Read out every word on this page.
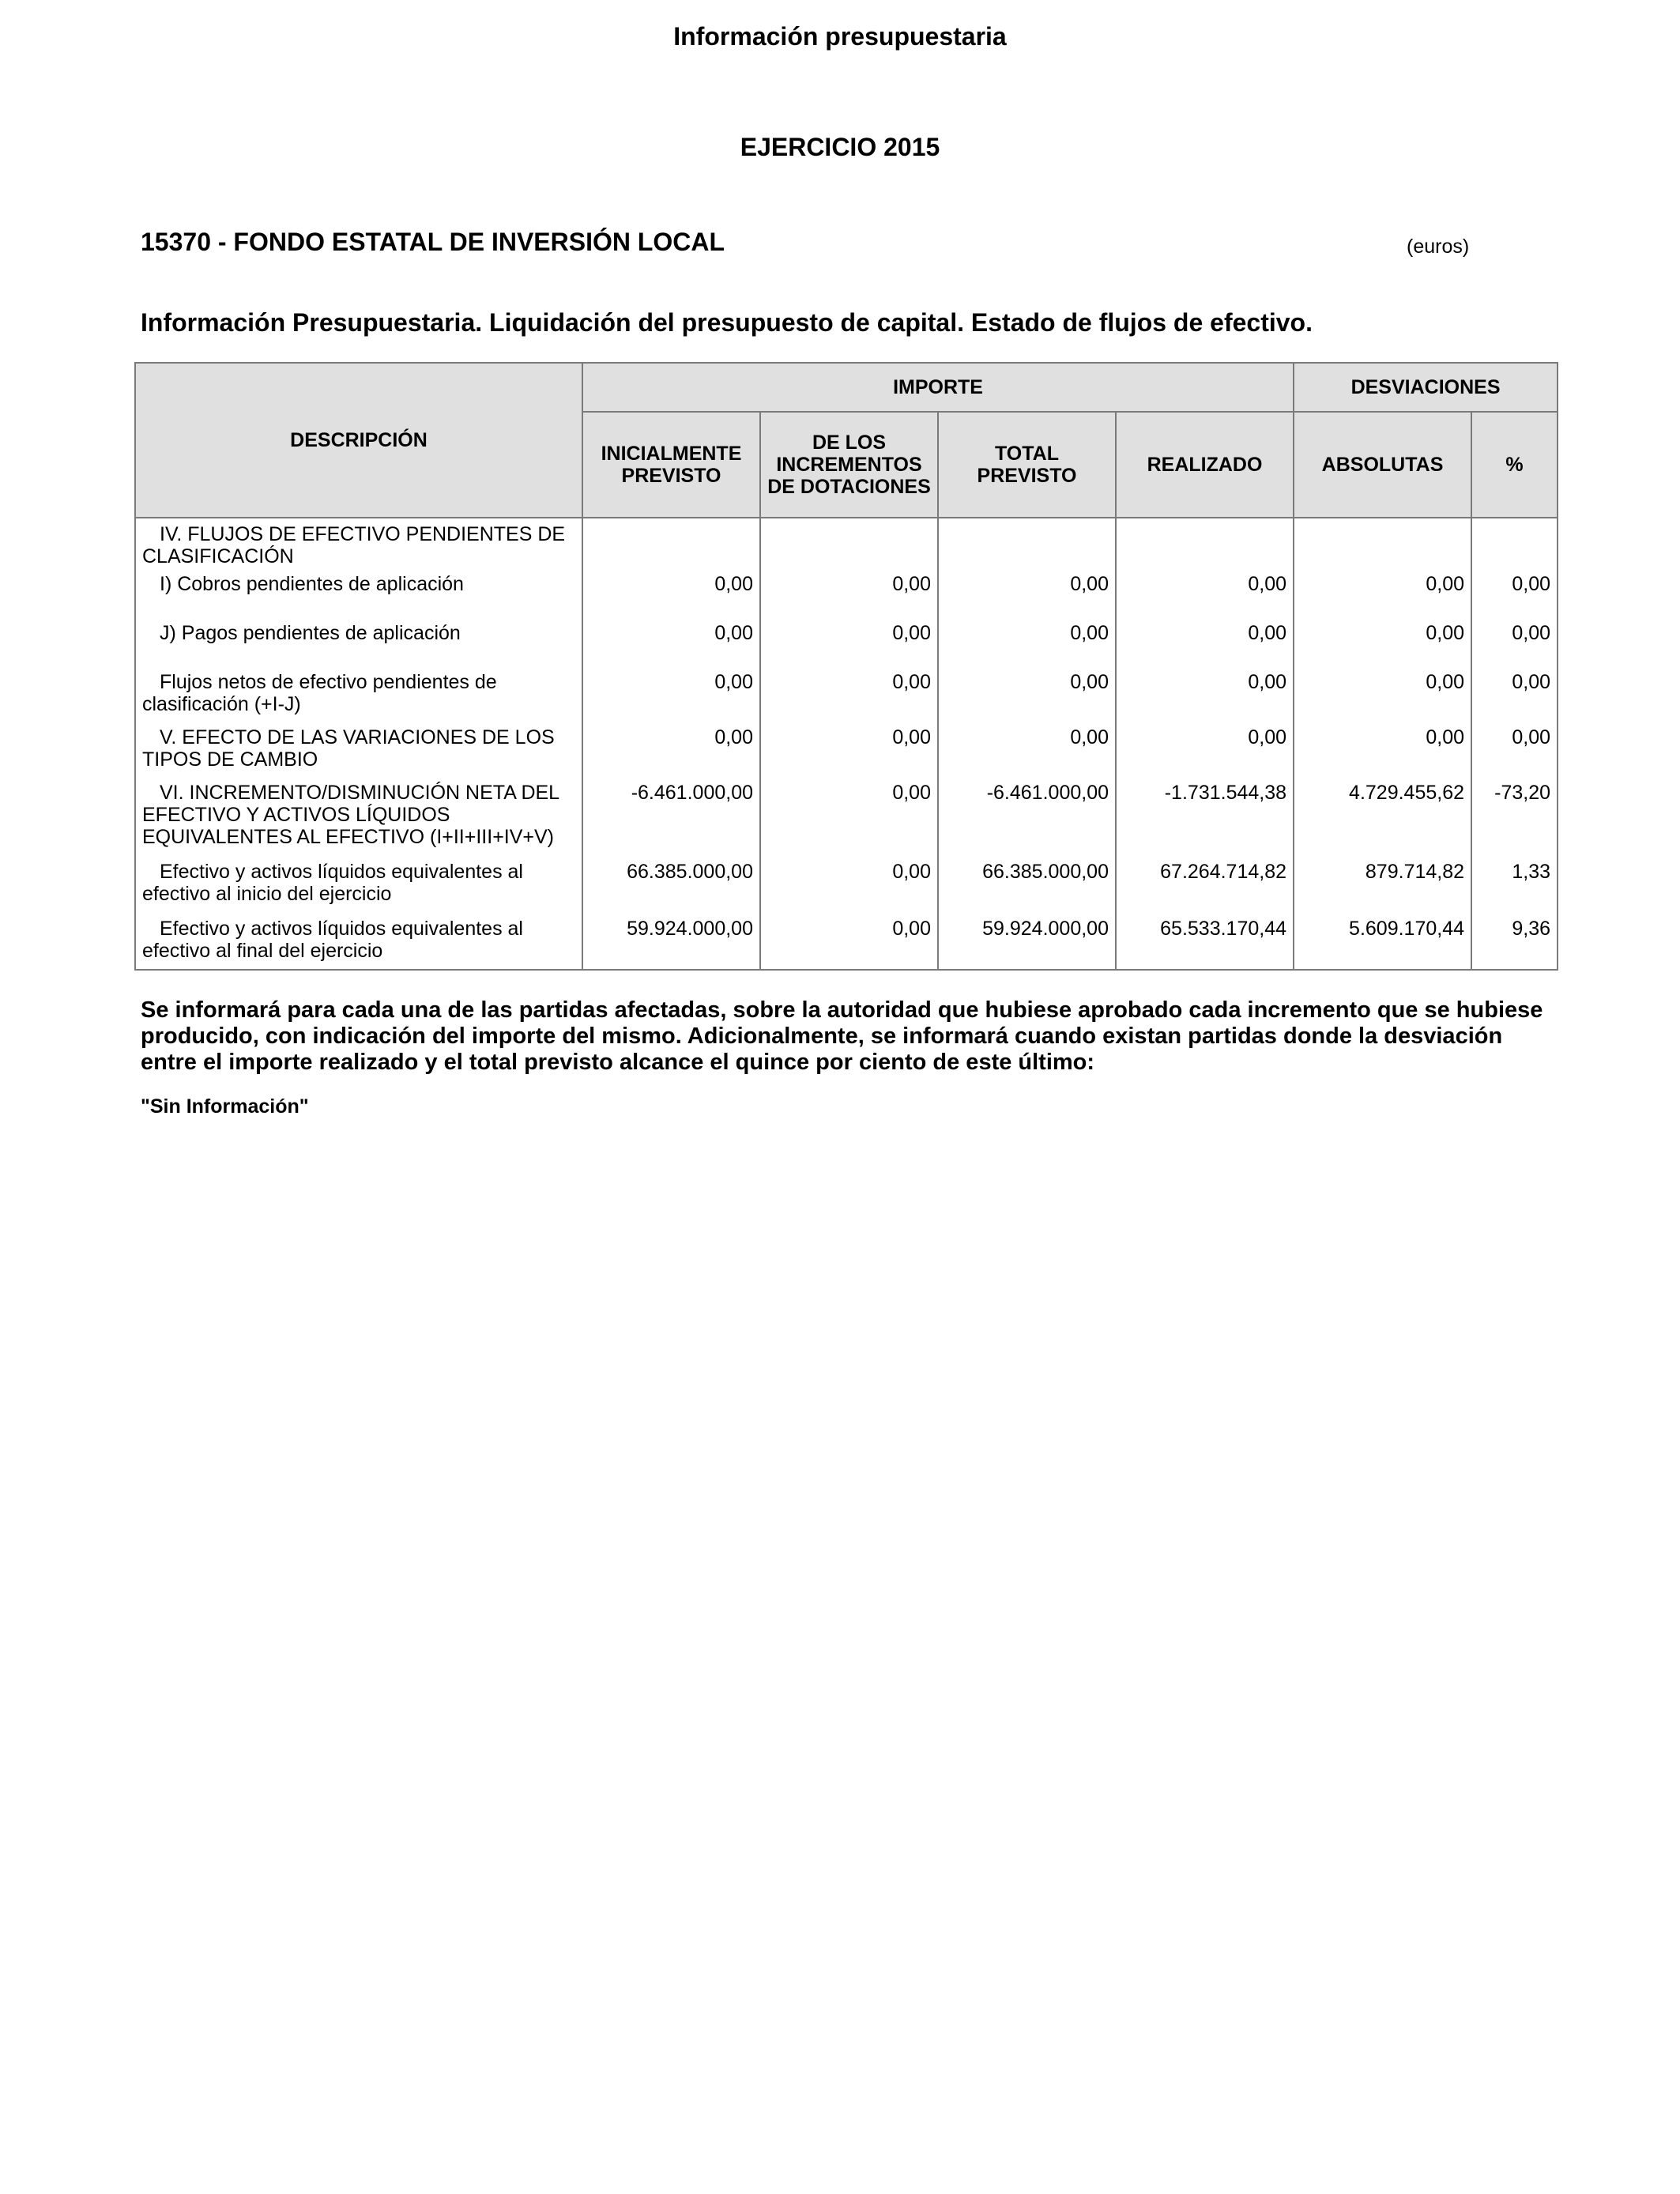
Información presupuestaria
EJERCICIO 2015
15370 - FONDO ESTATAL DE INVERSIÓN LOCAL	(euros)
Información Presupuestaria. Liquidación del presupuesto de capital. Estado de flujos de efectivo.
DESCRIPCIÓN	IMPORTE				DESVIACIONES	
	INICIALMENTE PREVISTO	DE LOS INCREMENTOS DE DOTACIONES	TOTAL PREVISTO	REALIZADO	ABSOLUTAS	%
IV. FLUJOS DE EFECTIVO PENDIENTES DE CLASIFICACIÓN						
I) Cobros pendientes de aplicación	0,00	0,00	0,00	0,00	0,00	0,00
J) Pagos pendientes de aplicación	0,00	0,00	0,00	0,00	0,00	0,00
Flujos netos de efectivo pendientes de clasificación (+I-J)	0,00	0,00	0,00	0,00	0,00	0,00
V. EFECTO DE LAS VARIACIONES DE LOS TIPOS DE CAMBIO	0,00	0,00	0,00	0,00	0,00	0,00
VI. INCREMENTO/DISMINUCIÓN NETA DEL EFECTIVO Y ACTIVOS LÍQUIDOS EQUIVALENTES AL EFECTIVO (I+II+III+IV+V)	-6.461.000,00	0,00	-6.461.000,00	-1.731.544,38	4.729.455,62	-73,20
Efectivo y activos líquidos equivalentes al efectivo al inicio del ejercicio	66.385.000,00	0,00	66.385.000,00	67.264.714,82	879.714,82	1,33
Efectivo y activos líquidos equivalentes al efectivo al final del ejercicio	59.924.000,00	0,00	59.924.000,00	65.533.170,44	5.609.170,44	9,36
Se informará para cada una de las partidas afectadas, sobre la autoridad que hubiese aprobado cada incremento que se hubiese producido, con indicación del importe del mismo. Adicionalmente, se informará cuando existan partidas donde la desviación entre el importe realizado y el total previsto alcance el quince por ciento de este último:
"Sin Información"
